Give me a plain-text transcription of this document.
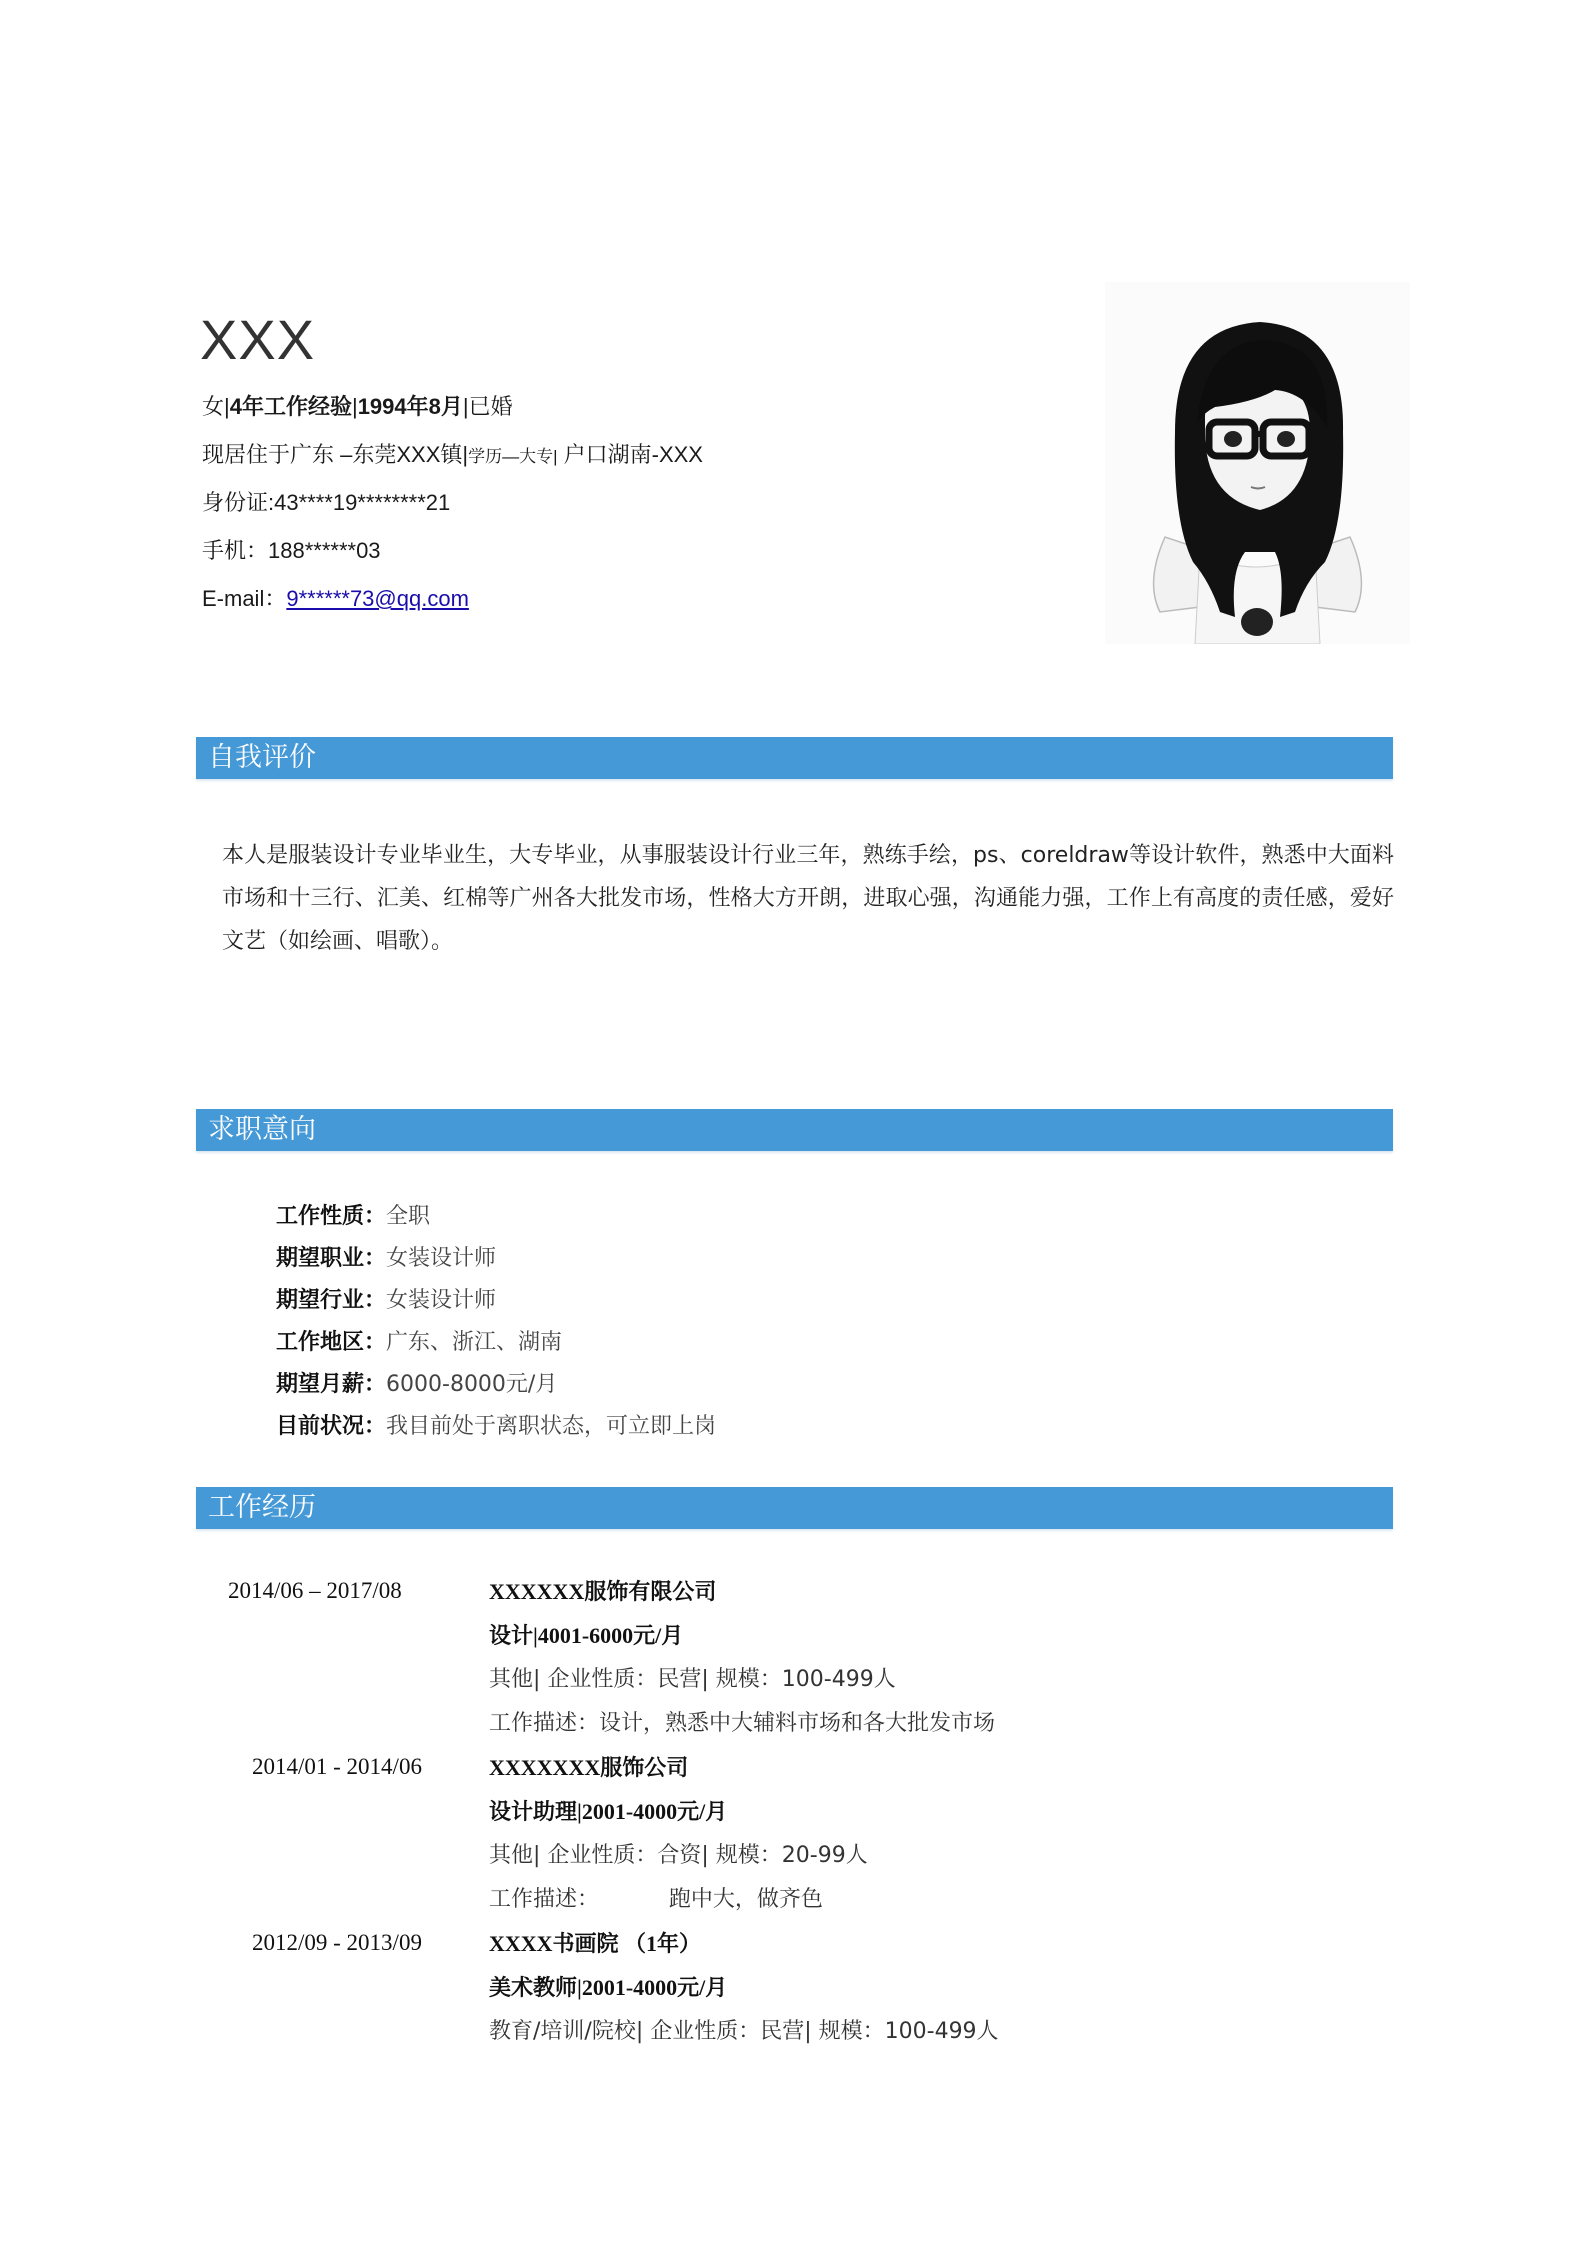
XXX
女|4年工作经验|1994年8月|已婚
现居住于广东 –东莞XXX镇|学历—大专| 户口湖南-XXX
身份证:43****19********21
手机：188******03
E-mail：9******73@qq.com
自我评价
本人是服装设计专业毕业生，大专毕业，从事服装设计行业三年，熟练手绘，ps、coreldraw等设计软件，熟悉中大面料市场和十三行、汇美、红棉等广州各大批发市场，性格大方开朗，进取心强，沟通能力强，工作上有高度的责任感，爱好文艺（如绘画、唱歌）。
求职意向
工作性质：全职
期望职业：女装设计师
期望行业：女装设计师
工作地区：广东、浙江、湖南
期望月薪：6000-8000元/月
目前状况：我目前处于离职状态，可立即上岗
工作经历
2014/06 – 2017/08	XXXXXX服饰有限公司
设计|4001-6000元/月
其他| 企业性质：民营| 规模：100-499人
工作描述：设计，熟悉中大辅料市场和各大批发市场
2014/01 - 2014/06	XXXXXXX服饰公司
设计助理|2001-4000元/月
其他| 企业性质：合资| 规模：20-99人
工作描述：          跑中大，做齐色
2012/09 - 2013/09	XXXX书画院 （1年）
美术教师|2001-4000元/月
教育/培训/院校| 企业性质：民营| 规模：100-499人
